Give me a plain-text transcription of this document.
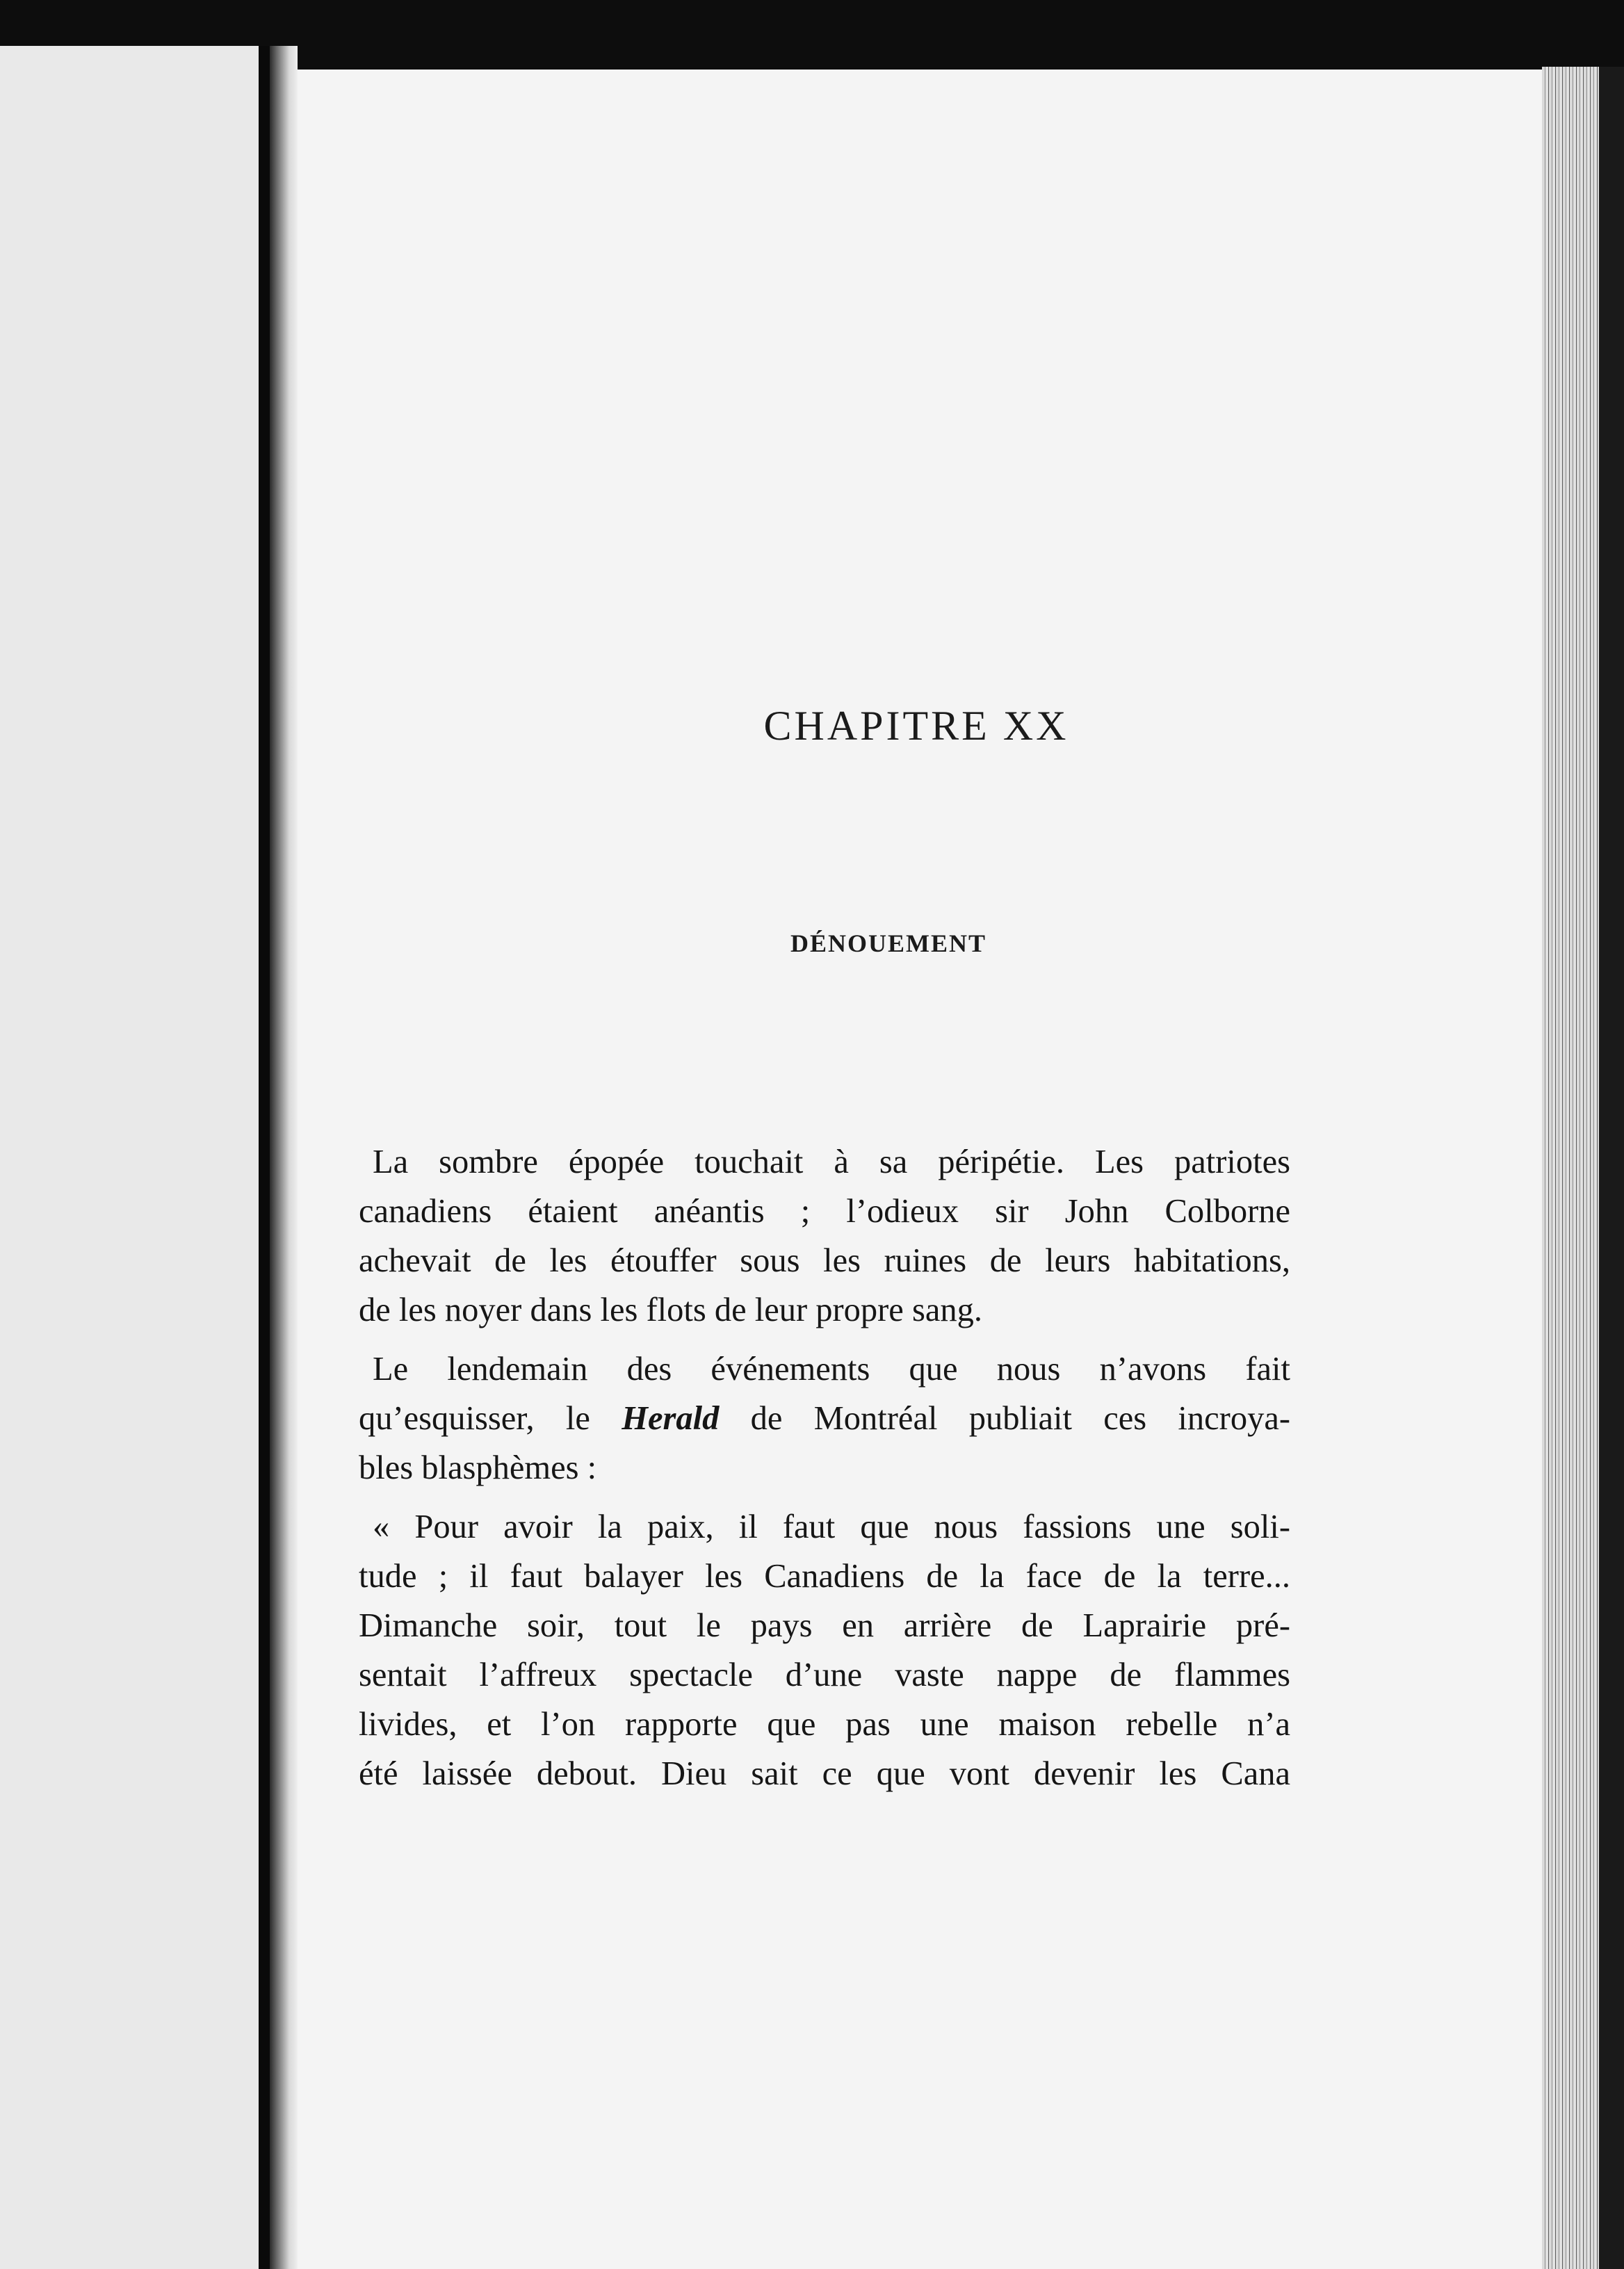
CHAPITRE XX
DÉNOUEMENT

La sombre épopée touchait à sa péripétie. Les patriotes
canadiens étaient anéantis ; l’odieux sir John Colborne
achevait de les étouffer sous les ruines de leurs habitations,
de les noyer dans les flots de leur propre sang.

Le lendemain des événements que nous n’avons fait
qu’esquisser, le Herald de Montréal publiait ces incroya-
bles blasphèmes :

« Pour avoir la paix, il faut que nous fassions une soli-
tude ; il faut balayer les Canadiens de la face de la terre...
Dimanche soir, tout le pays en arrière de Laprairie pré-
sentait l’affreux spectacle d’une vaste nappe de flammes
livides, et l’on rapporte que pas une maison rebelle n’a
été laissée debout. Dieu sait ce que vont devenir les Cana
